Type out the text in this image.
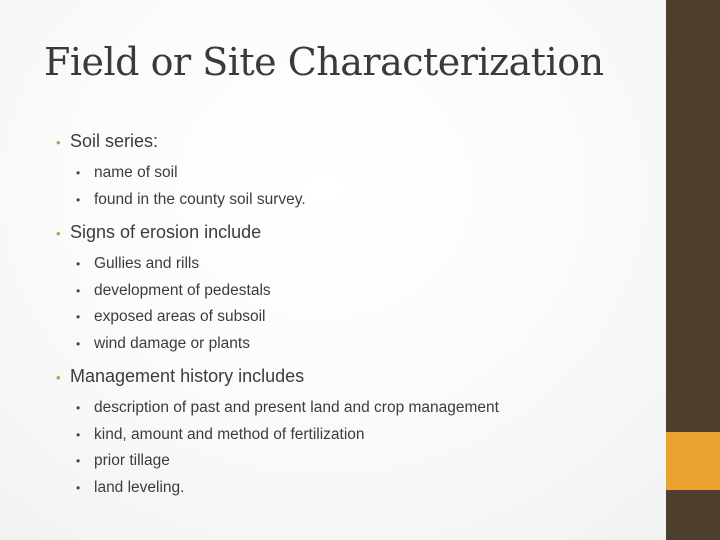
Field or Site Characterization
• Soil series:
• name of soil
• found in the county soil survey.
• Signs of erosion include
• Gullies and rills
• development of pedestals
• exposed areas of subsoil
• wind damage or plants
• Management history includes
• description of past and present land and crop management
• kind, amount and method of fertilization
• prior tillage
• land leveling.
